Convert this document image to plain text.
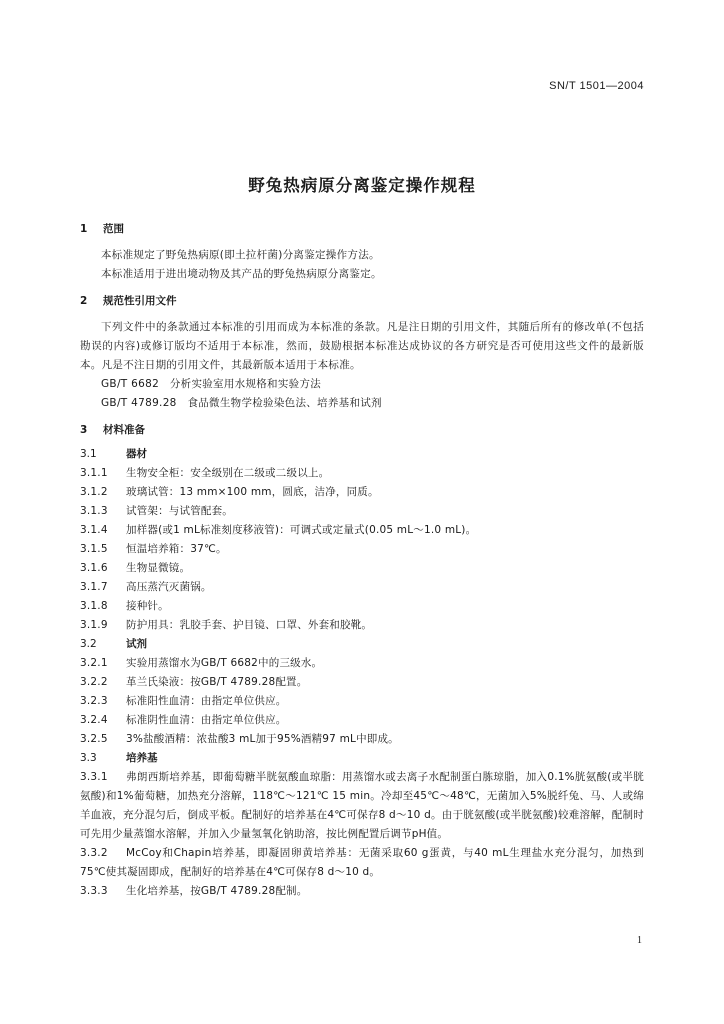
SN/T 1501—2004
野兔热病原分离鉴定操作规程

1 范围

本标准规定了野兔热病原(即土拉杆菌)分离鉴定操作方法。

本标准适用于进出境动物及其产品的野兔热病原分离鉴定。

2 规范性引用文件

下列文件中的条款通过本标准的引用而成为本标准的条款。凡是注日期的引用文件，其随后所有的修改单(不包括勘误的内容)或修订版均不适用于本标准，然而，鼓励根据本标准达成协议的各方研究是否可使用这些文件的最新版本。凡是不注日期的引用文件，其最新版本适用于本标准。

GB/T 6682　分析实验室用水规格和实验方法

GB/T 4789.28　食品微生物学检验染色法、培养基和试剂

3 材料准备

3.1	器材

3.1.1 生物安全柜：安全级别在二级或二级以上。

3.1.2 玻璃试管：13 mm×100 mm，圆底，洁净，同质。

3.1.3 试管架：与试管配套。

3.1.4 加样器(或1 mL标准刻度移液管)：可调式或定量式(0.05 mL～1.0 mL)。

3.1.5 恒温培养箱：37℃。

3.1.6 生物显微镜。

3.1.7 高压蒸汽灭菌锅。

3.1.8 接种针。

3.1.9 防护用具：乳胶手套、护目镜、口罩、外套和胶靴。

3.2	试剂

3.2.1 实验用蒸馏水为GB/T 6682中的三级水。

3.2.2 革兰氏染液：按GB/T 4789.28配置。

3.2.3 标准阳性血清：由指定单位供应。

3.2.4 标准阴性血清：由指定单位供应。

3.2.5 3%盐酸酒精：浓盐酸3 mL加于95%酒精97 mL中即成。

3.3	培养基

3.3.1 弗朗西斯培养基，即葡萄糖半胱氨酸血琼脂：用蒸馏水或去离子水配制蛋白胨琼脂，加入0.1%胱氨酸(或半胱氨酸)和1%葡萄糖，加热充分溶解，118℃～121℃ 15 min。冷却至45℃～48℃，无菌加入5%脱纤兔、马、人或绵羊血液，充分混匀后，倒成平板。配制好的培养基在4℃可保存8 d～10 d。由于胱氨酸(或半胱氨酸)较难溶解，配制时可先用少量蒸馏水溶解，并加入少量氢氧化钠助溶，按比例配置后调节pH值。

3.3.2 McCoy和Chapin培养基，即凝固卵黄培养基：无菌采取60 g蛋黄，与40 mL生理盐水充分混匀，加热到75℃使其凝固即成，配制好的培养基在4℃可保存8 d～10 d。

3.3.3 生化培养基，按GB/T 4789.28配制。

1
